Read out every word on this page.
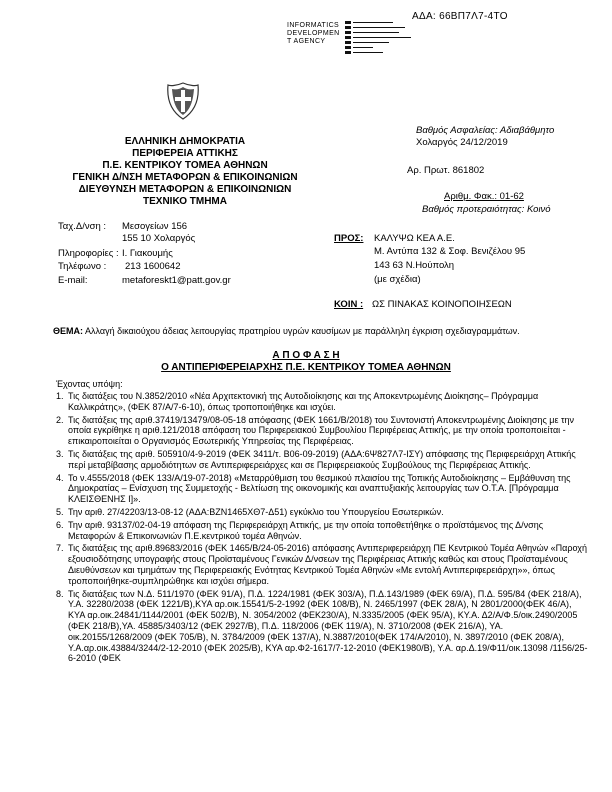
ΑΔΑ: 66ΒΠ7Λ7-4ΤΟ
INFORMATICS
DEVELOPMEN
T AGENCY
ΕΛΛΗΝΙΚΗ ΔΗΜΟΚΡΑΤΙΑ
ΠΕΡΙΦΕΡΕΙΑ ΑΤΤΙΚΗΣ
Π.Ε. ΚΕΝΤΡΙΚΟΥ ΤΟΜΕΑ ΑΘΗΝΩΝ
ΓΕΝΙΚΗ Δ/ΝΣΗ ΜΕΤΑΦΟΡΩΝ & ΕΠΙΚΟΙΝΩΝΙΩΝ
ΔΙΕΥΘΥΝΣΗ ΜΕΤΑΦΟΡΩΝ & ΕΠΙΚΟΙΝΩΝΙΩΝ
ΤΕΧΝΙΚΟ ΤΜΗΜΑ
Βαθμός Ασφαλείας: Αδιαβάθμητο
Χολαργός 24/12/2019
Αρ. Πρωτ. 861802
Αριθμ. Φακ.: 01-62
Βαθμός προτεραιότητας: Κοινό
Ταχ.Δ/νση : Μεσογείων 156
155 10 Χολαργός
Πληροφορίες : Ι. Γιακουμής
Τηλέφωνο : 213 1600642
E-mail:	metaforeskt1@patt.gov.gr
ΠΡΟΣ: ΚΑΛΥΨΩ ΚΕΑ Α.Ε.
Μ. Αντύπα 132 & Σοφ. Βενιζέλου 95
143 63 Ν.Ηούπολη
(με σχέδια)
ΚΟΙΝ : ΩΣ ΠΙΝΑΚΑΣ ΚΟΙΝΟΠΟΙΗΣΕΩΝ
ΘΕΜΑ: Αλλαγή δικαιούχου άδειας λειτουργίας πρατηρίου υγρών καυσίμων με παράλληλη έγκριση σχεδιαγραμμάτων.
Α Π Ο Φ Α Σ Η
Ο ΑΝΤΙΠΕΡΙΦΕΡΕΙΑΡΧΗΣ Π.Ε. ΚΕΝΤΡΙΚΟΥ ΤΟΜΕΑ ΑΘΗΝΩΝ
Έχοντας υπόψη:
1. Τις διατάξεις του Ν.3852/2010 «Νέα Αρχιτεκτονική της Αυτοδιοίκησης και της Αποκεντρωμένης Διοίκησης– Πρόγραμμα Καλλικράτης», (ΦΕΚ 87/Α/7-6-10), όπως τροποποιήθηκε και ισχύει.
2. Τις διατάξεις της αριθ.37419/13479/08-05-18 απόφασης (ΦΕΚ 1661/Β/2018) του Συντονιστή Αποκεντρωμένης Διοίκησης με την οποία εγκρίθηκε η αριθ.121/2018 απόφαση του Περιφερειακού Συμβουλίου Περιφέρειας Αττικής, με την οποία τροποποιείται - επικαιροποιείται ο Οργανισμός Εσωτερικής Υπηρεσίας της Περιφέρειας.
3. Τις διατάξεις της αριθ. 505910/4-9-2019 (ΦΕΚ 3411/τ. Β06-09-2019) (ΑΔΑ:6Ψ827Λ7-ΙΣΥ) απόφασης της Περιφερειάρχη Αττικής περί μεταβίβασης αρμοδιότητων σε Αντιπεριφερειάρχες και σε Περιφερειακούς Συμβούλους της Περιφέρειας Αττικής.
4. Το ν.4555/2018 (ΦΕΚ 133/Α/19-07-2018) «Μεταρρύθμιση του θεσμικού πλαισίου της Τοπικής Αυτοδιοίκησης – Εμβάθυνση της Δημοκρατίας – Ενίσχυση της Συμμετοχής - Βελτίωση της οικονομικής και αναπτυξιακής λειτουργίας των Ο.Τ.Α. [Πρόγραμμα ΚΛΕΙΣΘΕΝΗΣ Ι]».
5. Την αριθ. 27/42203/13-08-12 (ΑΔΑ:ΒΖΝ1465ΧΘ7-Δ51) εγκύκλιο του Υπουργείου Εσωτερικών.
6. Την αριθ. 93137/02-04-19 απόφαση της Περιφερειάρχη Αττικής, με την οποία τοποθετήθηκε ο προϊστάμενος της Δ/νσης Μεταφορών & Επικοινωνιών Π.Ε.κεντρικού τομέα Αθηνών.
7. Τις διατάξεις της αριθ.89683/2016 (ΦΕΚ 1465/Β/24-05-2016) απόφασης Αντιπεριφερειάρχη ΠΕ Κεντρικού Τομέα Αθηνών «Παροχή εξουσιοδότησης υπογραφής στους Προϊσταμένους Γενικών Δ/νσεων της Περιφέρειας Αττικής καθώς και στους Προϊσταμένους Διευθύνσεων και τμημάτων της Περιφερειακής Ενότητας Κεντρικού Τομέα Αθηνών «Με εντολή Αντιπεριφερειάρχη»», όπως τροποποιήθηκε-συμπληρώθηκε και ισχύει σήμερα.
8. Τις διατάξεις των Ν.Δ. 511/1970 (ΦΕΚ 91/Α), Π.Δ. 1224/1981 (ΦΕΚ 303/Α), Π.Δ.143/1989 (ΦΕΚ 69/Α), Π.Δ. 595/84 (ΦΕΚ 218/Α), Υ.Α. 32280/2038 (ΦΕΚ 1221/Β),ΚΥΑ αρ.οικ.15541/5-2-1992 (ΦΕΚ 108/Β), Ν. 2465/1997 (ΦΕΚ 28/Α), Ν 2801/2000(ΦΕΚ 46/Α), ΚΥΑ αρ.οικ.24841/1144/2001 (ΦΕΚ 502/Β), Ν. 3054/2002 (ΦΕΚ230/Α), Ν.3335/2005 (ΦΕΚ 95/Α), ΚΥ.Α. Δ2/Α/Φ.5/οικ.2490/2005 (ΦΕΚ 218/Β),ΥΑ. 45885/3403/12 (ΦΕΚ 2927/Β), Π.Δ. 118/2006 (ΦΕΚ 119/Α), Ν. 3710/2008 (ΦΕΚ 216/Α), ΥΑ. οικ.20155/1268/2009 (ΦΕΚ 705/Β), Ν. 3784/2009 (ΦΕΚ 137/Α), Ν.3887/2010(ΦΕΚ 174/Α/2010), Ν. 3897/2010 (ΦΕΚ 208/Α), Υ.Α.αρ.οικ.43884/3244/2-12-2010 (ΦΕΚ 2025/Β), ΚΥΑ αρ.Φ2-1617/7-12-2010 (ΦΕΚ1980/Β), Υ.Α. αρ.Δ.19/Φ11/οικ.13098 /1156/25-6-2010 (ΦΕΚ
